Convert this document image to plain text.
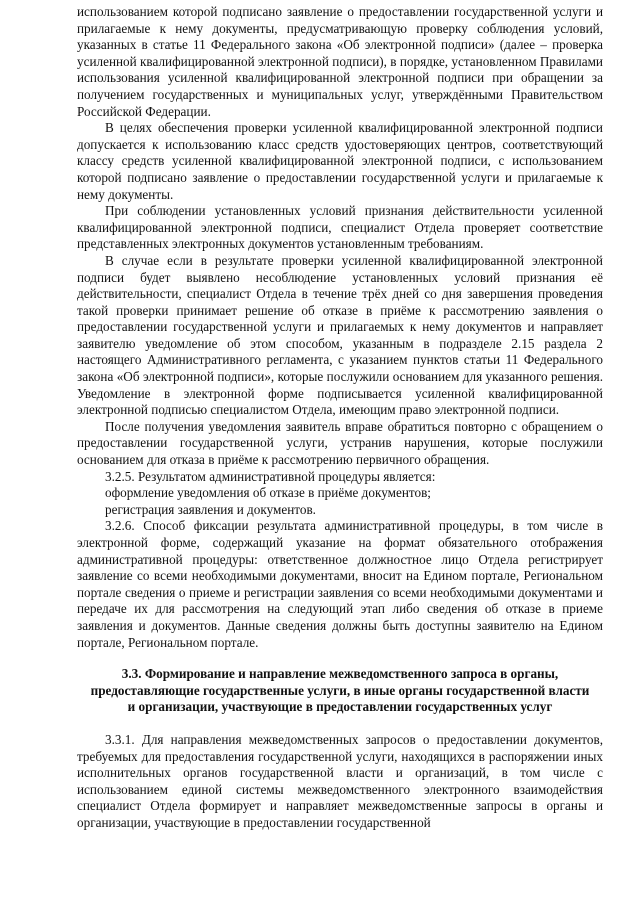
использованием которой подписано заявление о предоставлении государственной услуги и прилагаемые к нему документы, предусматривающую проверку соблюдения условий, указанных в статье 11 Федерального закона «Об электронной подписи» (далее – проверка усиленной квалифицированной электронной подписи), в порядке, установленном Правилами использования усиленной квалифицированной электронной подписи при обращении за получением государственных и муниципальных услуг, утверждёнными Правительством Российской Федерации.

В целях обеспечения проверки усиленной квалифицированной электронной подписи допускается к использованию класс средств удостоверяющих центров, соответствующий классу средств усиленной квалифицированной электронной подписи, с использованием которой подписано заявление о предоставлении государственной услуги и прилагаемые к нему документы.

При соблюдении установленных условий признания действительности усиленной квалифицированной электронной подписи, специалист Отдела проверяет соответствие представленных электронных документов установленным требованиям.

В случае если в результате проверки усиленной квалифицированной электронной подписи будет выявлено несоблюдение установленных условий признания её действительности, специалист Отдела в течение трёх дней со дня завершения проведения такой проверки принимает решение об отказе в приёме к рассмотрению заявления о предоставлении государственной услуги и прилагаемых к нему документов и направляет заявителю уведомление об этом способом, указанным в подразделе 2.15 раздела 2 настоящего Административного регламента, с указанием пунктов статьи 11 Федерального закона «Об электронной подписи», которые послужили основанием для указанного решения. Уведомление в электронной форме подписывается усиленной квалифицированной электронной подписью специалистом Отдела, имеющим право электронной подписи.

После получения уведомления заявитель вправе обратиться повторно с обращением о предоставлении государственной услуги, устранив нарушения, которые послужили основанием для отказа в приёме к рассмотрению первичного обращения.

3.2.5. Результатом административной процедуры является:

оформление уведомления об отказе в приёме документов;

регистрация заявления и документов.

3.2.6. Способ фиксации результата административной процедуры, в том числе в электронной форме, содержащий указание на формат обязательного отображения административной процедуры: ответственное должностное лицо Отдела регистрирует заявление со всеми необходимыми документами, вносит на Едином портале, Региональном портале сведения о приеме и регистрации заявления со всеми необходимыми документами и передаче их для рассмотрения на следующий этап либо сведения об отказе в приеме заявления и документов. Данные сведения должны быть доступны заявителю на Едином портале, Региональном портале.

3.3. Формирование и направление межведомственного запроса в органы, предоставляющие государственные услуги, в иные органы государственной власти и организации, участвующие в предоставлении государственных услуг

3.3.1. Для направления межведомственных запросов о предоставлении документов, требуемых для предоставления государственной услуги, находящихся в распоряжении иных исполнительных органов государственной власти и организаций, в том числе с использованием единой системы межведомственного электронного взаимодействия специалист Отдела формирует и направляет межведомственные запросы в органы и организации, участвующие в предоставлении государственной
